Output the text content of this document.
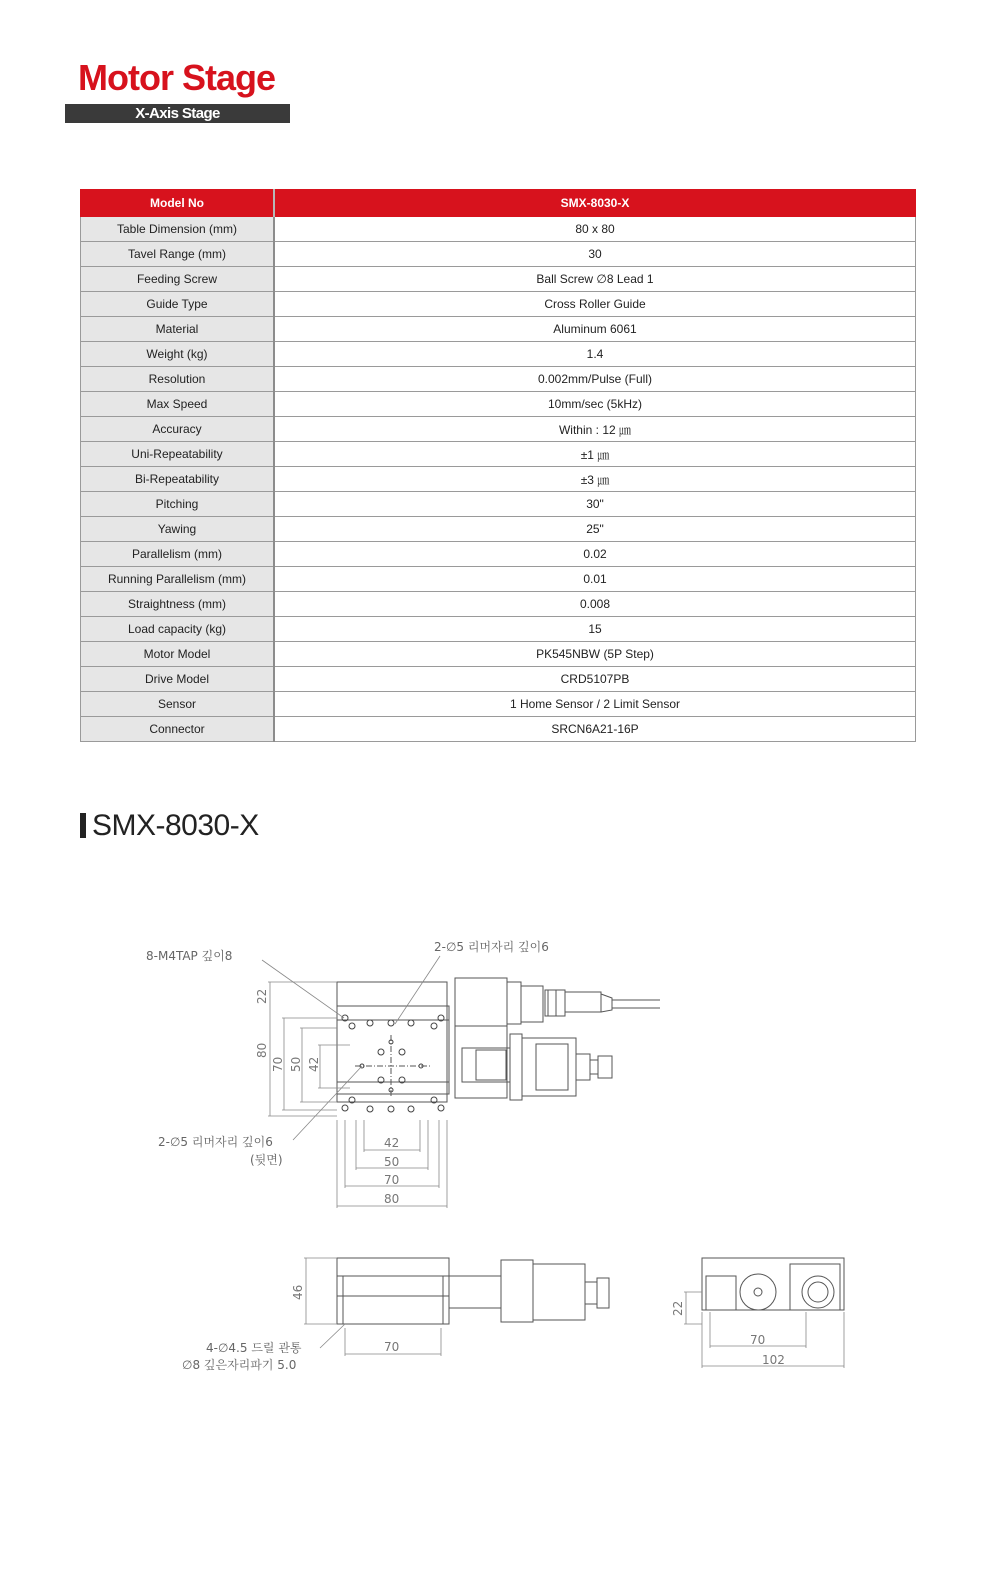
Motor Stage
X-Axis Stage
Model No	SMX-8030-X
Table Dimension (mm)	80 x 80
Tavel Range (mm)	30
Feeding Screw	Ball Screw ∅8 Lead 1
Guide Type	Cross Roller Guide
Material	Aluminum 6061
Weight (kg)	1.4
Resolution	0.002mm/Pulse (Full)
Max Speed	10mm/sec (5kHz)
Accuracy	Within : 12 ㎛
Uni-Repeatability	±1 ㎛
Bi-Repeatability	±3 ㎛
Pitching	30"
Yawing	25"
Parallelism (mm)	0.02
Running Parallelism (mm)	0.01
Straightness (mm)	0.008
Load capacity (kg)	15
Motor Model	PK545NBW (5P Step)
Drive Model	CRD5107PB
Sensor	1 Home Sensor / 2 Limit Sensor
Connector	SRCN6A21-16P
SMX-8030-X
8-M4TAP 깊이8
2-∅5 리머자리 깊이6
2-∅5 리머자리 깊이6
(뒷면)
4-∅4.5 드릴 관통
∅8 깊은자리파기 5.0
22
80
70 50 42
42
50
70
80
46
70
22
70
102
